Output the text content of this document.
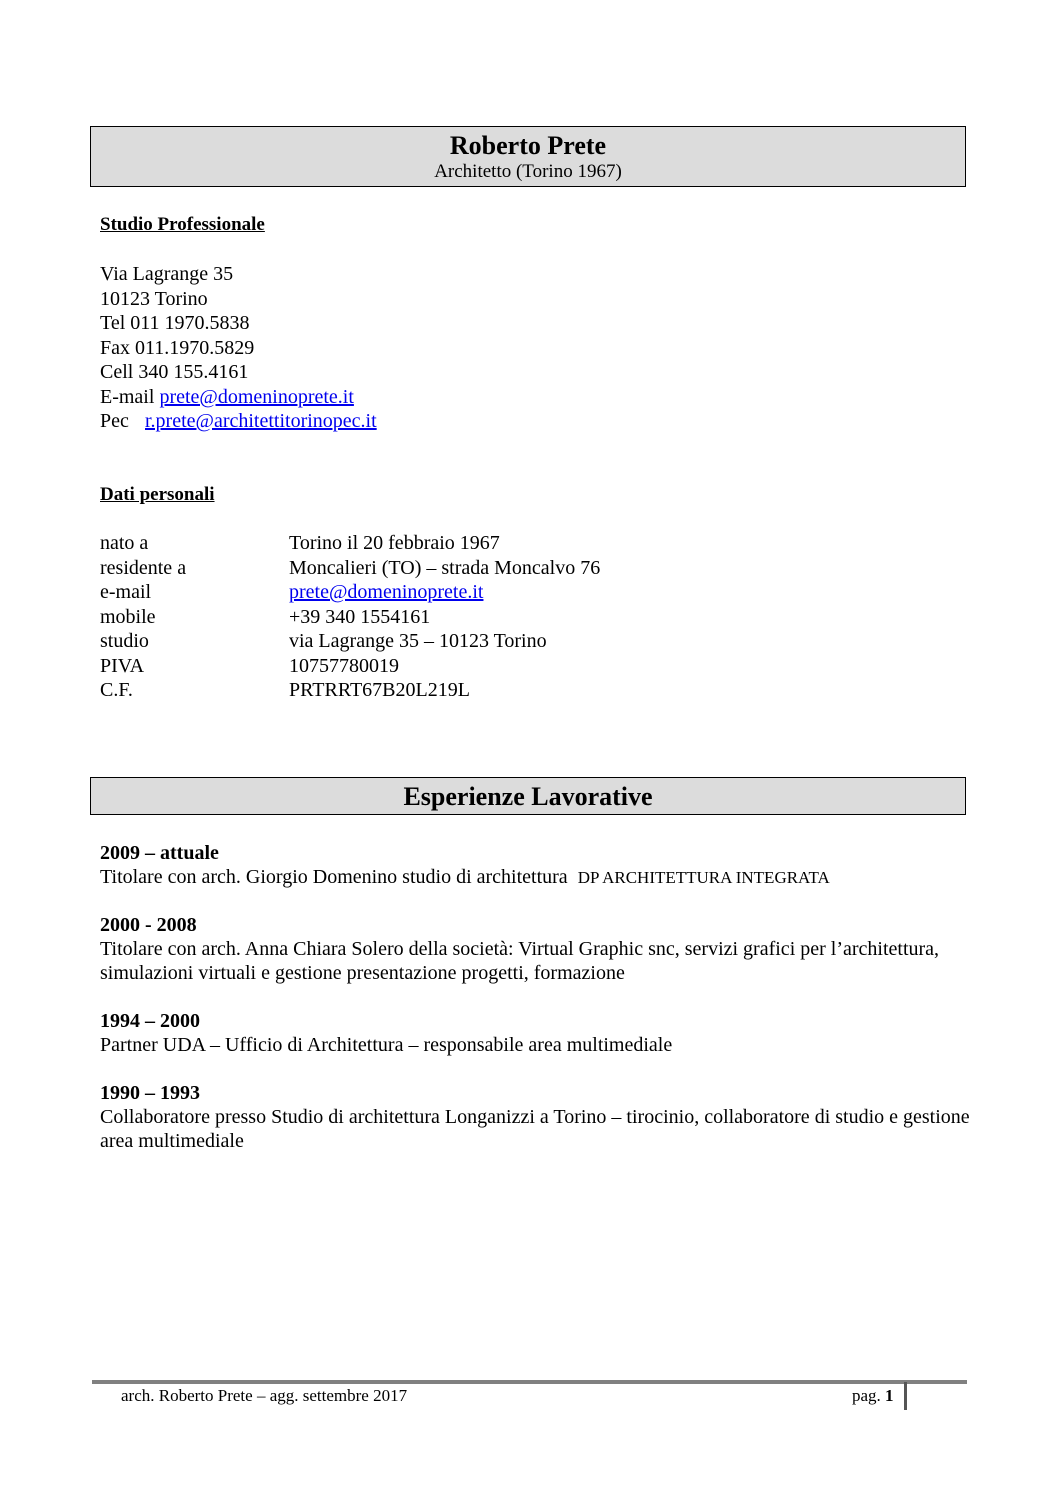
Roberto Prete
Architetto (Torino 1967)
Studio Professionale
Via Lagrange 35
10123 Torino
Tel 011 1970.5838
Fax 011.1970.5829
Cell 340 155.4161
E-mail prete@domeninoprete.it
Pec r.prete@architettitorinopec.it
Dati personali
nato a	Torino il 20 febbraio 1967
residente a	Moncalieri (TO) – strada Moncalvo 76
e-mail	prete@domeninoprete.it
mobile	+39 340 1554161
studio	via Lagrange 35 – 10123 Torino
PIVA	10757780019
C.F.	PRTRRT67B20L219L
Esperienze Lavorative
2009 – attuale
Titolare con arch. Giorgio Domenino studio di architettura DP ARCHITETTURA INTEGRATA
2000 - 2008
Titolare con arch. Anna Chiara Solero della società: Virtual Graphic snc, servizi grafici per l’architettura, simulazioni virtuali e gestione presentazione progetti, formazione
1994 – 2000
Partner UDA – Ufficio di Architettura – responsabile area multimediale
1990 – 1993
Collaboratore presso Studio di architettura Longanizzi a Torino – tirocinio, collaboratore di studio e gestione area multimediale
arch. Roberto Prete – agg. settembre 2017	pag. 1
